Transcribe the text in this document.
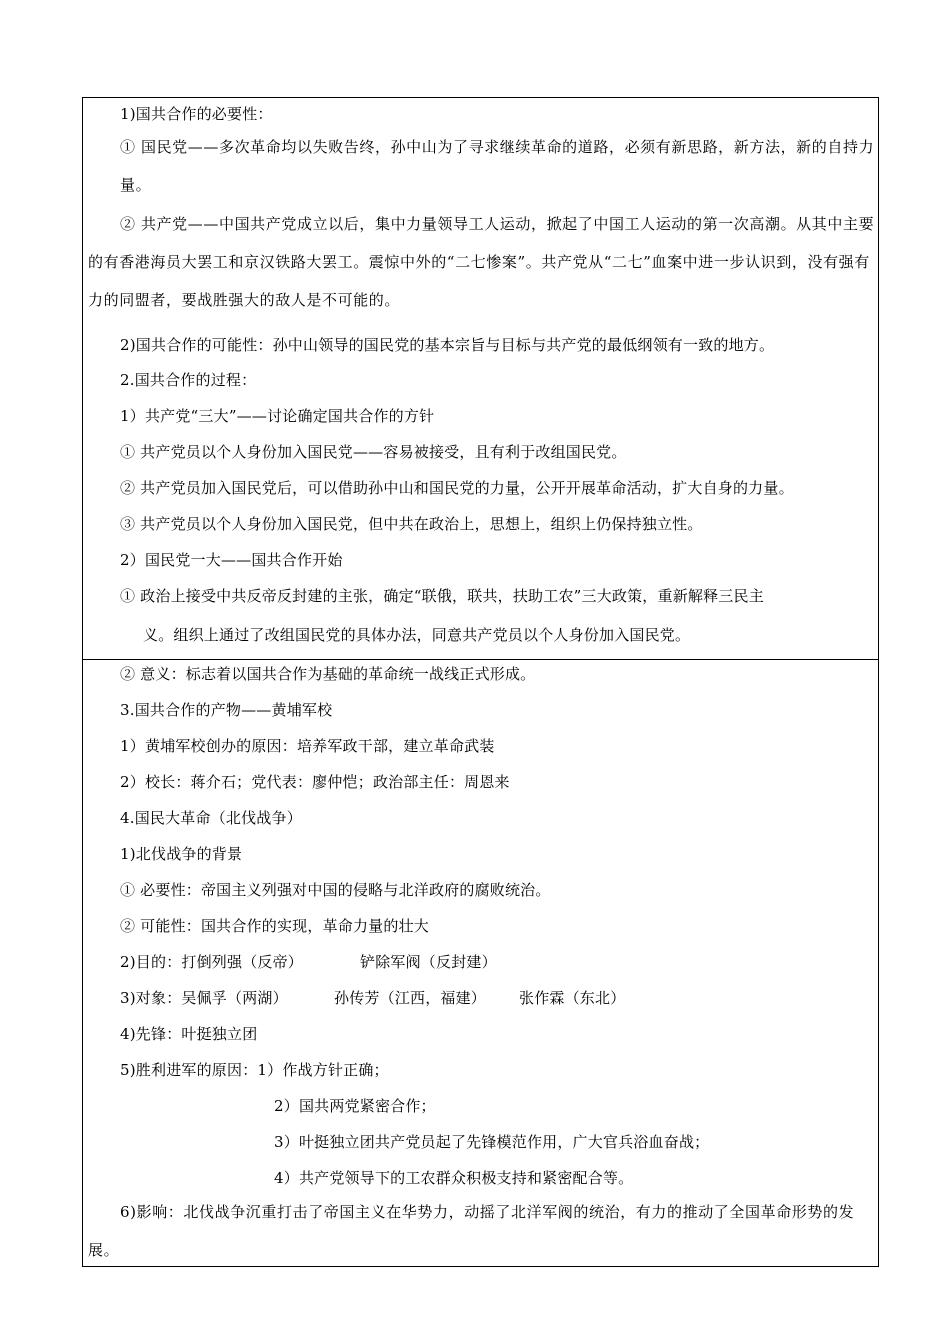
1)国共合作的必要性：
① 国民党——多次革命均以失败告终，孙中山为了寻求继续革命的道路，必须有新思路，新方法，新的自持力量。
② 共产党——中国共产党成立以后，集中力量领导工人运动，掀起了中国工人运动的第一次高潮。从其中主要的有香港海员大罢工和京汉铁路大罢工。震惊中外的“二七惨案”。共产党从“二七”血案中进一步认识到，没有强有力的同盟者，要战胜强大的敌人是不可能的。
2)国共合作的可能性：孙中山领导的国民党的基本宗旨与目标与共产党的最低纲领有一致的地方。
2.国共合作的过程：
1）共产党“三大”——讨论确定国共合作的方针
① 共产党员以个人身份加入国民党——容易被接受，且有利于改组国民党。
② 共产党员加入国民党后，可以借助孙中山和国民党的力量，公开开展革命活动，扩大自身的力量。
③ 共产党员以个人身份加入国民党，但中共在政治上，思想上，组织上仍保持独立性。
2）国民党一大——国共合作开始
① 政治上接受中共反帝反封建的主张，确定“联俄，联共，扶助工农”三大政策，重新解释三民主
义。组织上通过了改组国民党的具体办法，同意共产党员以个人身份加入国民党。
② 意义：标志着以国共合作为基础的革命统一战线正式形成。
3.国共合作的产物——黄埔军校
1）黄埔军校创办的原因：培养军政干部，建立革命武装
2）校长：蒋介石；党代表：廖仲恺；政治部主任：周恩来
4.国民大革命（北伐战争）
1)北伐战争的背景
① 必要性：帝国主义列强对中国的侵略与北洋政府的腐败统治。
② 可能性：国共合作的实现，革命力量的壮大
2)目的：打倒列强（反帝）	铲除军阀（反封建）
3)对象：吴佩孚（两湖）	孙传芳（江西，福建） 张作霖（东北）
4)先锋：叶挺独立团
5)胜利进军的原因：1）作战方针正确；
2）国共两党紧密合作；
3）叶挺独立团共产党员起了先锋模范作用，广大官兵浴血奋战；
4）共产党领导下的工农群众积极支持和紧密配合等。
6)影响：北伐战争沉重打击了帝国主义在华势力，动摇了北洋军阀的统治，有力的推动了全国革命形势的发展。
